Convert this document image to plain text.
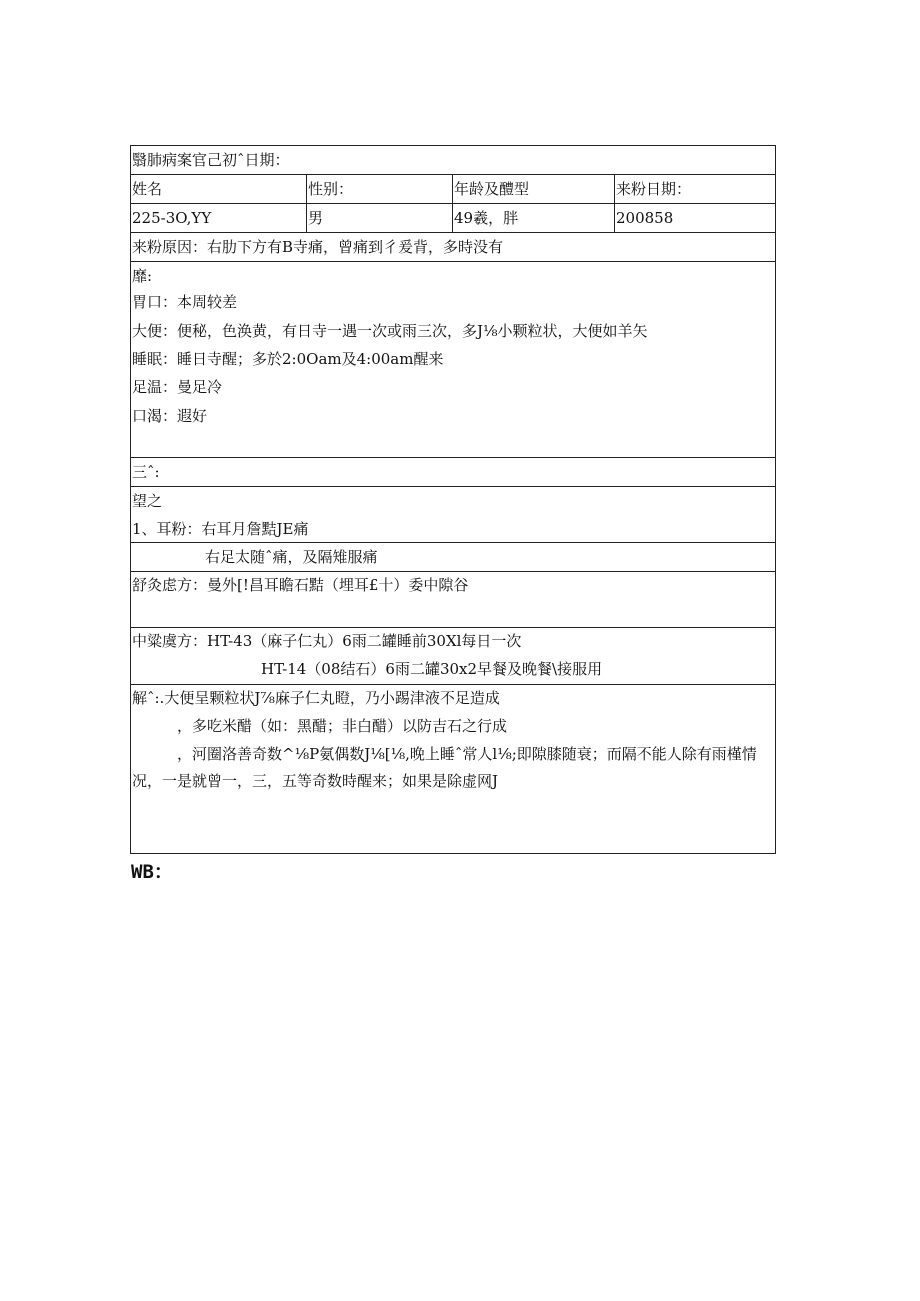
翳肺病案官己初ˆ日期：
姓名	性别：	年龄及醴型	来粉日期：
225-3O,YY	男	49羲，胖	200858
来粉原因：右肋下方有B寺痛，曾痛到彳爰背，多時没有
靡:
胃口：本周较差
大便：便秘，色涣黄，有日寺一遇一次或雨三次，多J⅛小颗粒状，大便如羊矢
睡眠：睡日寺醒；多於2:0Oam及4:00am醒来
足温：曼足冷
口渴：遐好
三ˆ:
望之
1、耳粉：右耳月詹黠JE痛
右足太随ˆ痛，及隔雉服痛
舒灸虑方：曼外[!昌耳瞻石黠（埋耳£十）委中隙谷
中粱虞方：HT-43（麻子仁丸）6雨二罐睡前30Xl每日一次
HT-14（08结石）6雨二罐30x2早餐及晚餐\接服用
解ˆ:.大便呈颗粒状J⅞麻子仁丸瞪，乃小踢津液不足造成
，多吃米醋（如：黑醋；非白醋）以防吉石之行成
，河圈洛善奇数^⅛P氨偶数J⅛[⅛,晚上睡ˆ常人l⅛;即隙膝随衰；而隔不能人除有雨槿情况，一是就曾一，三，五等奇数時醒来；如果是除虚网J
WB：
